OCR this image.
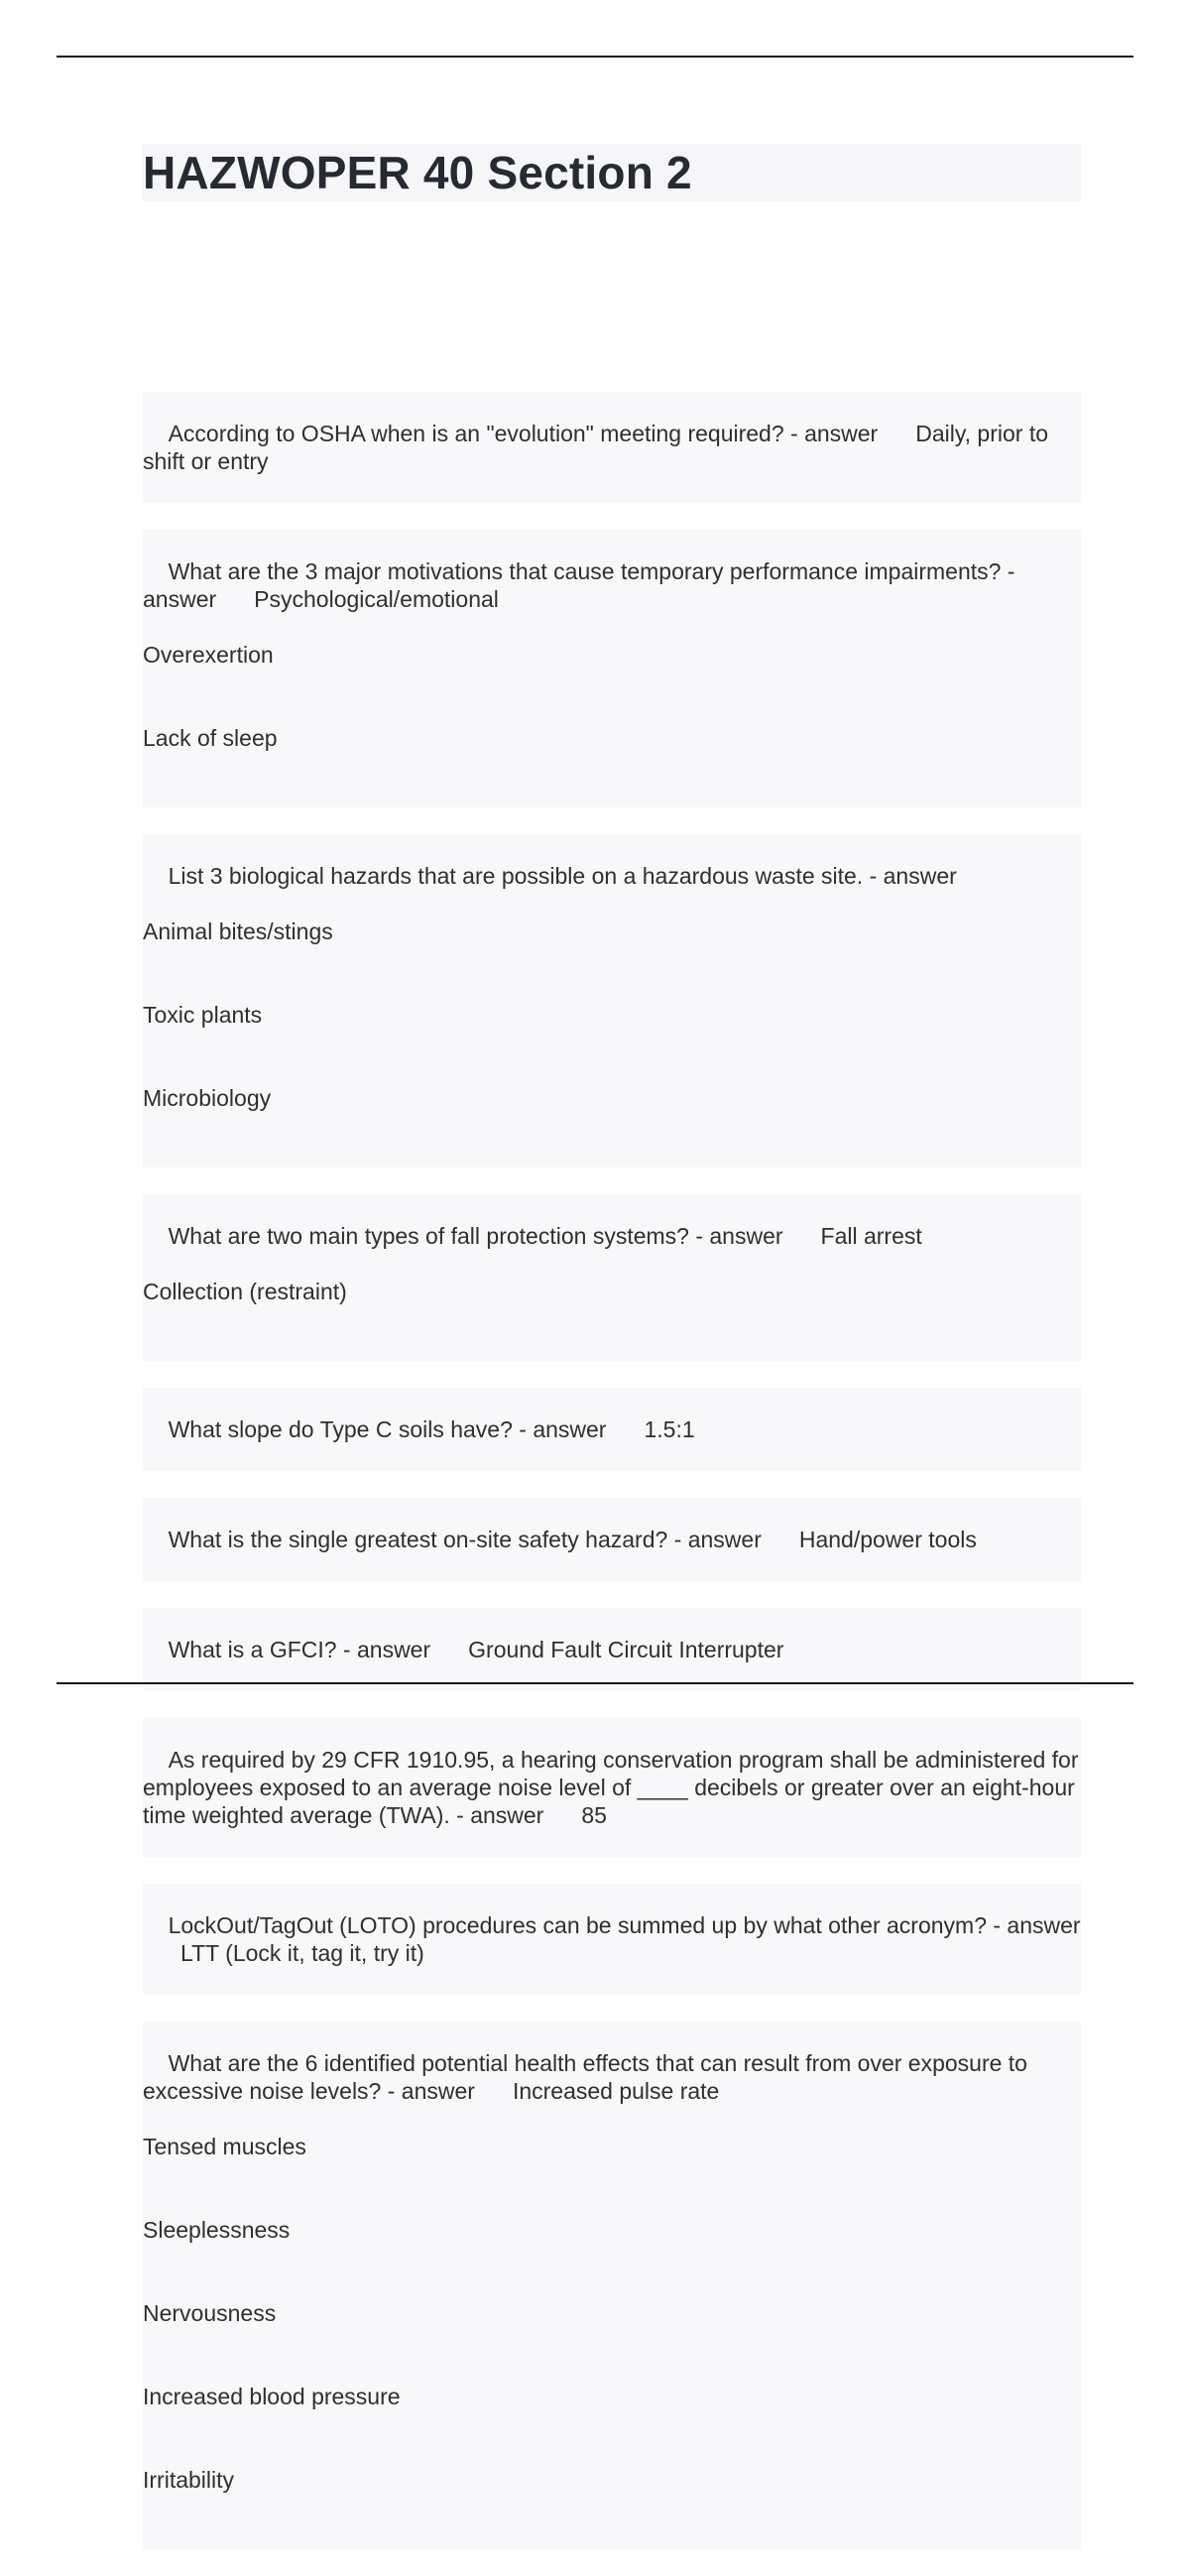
HAZWOPER 40 Section 2

According to OSHA when is an "evolution" meeting required? - answer Daily, prior to shift or entry

What are the 3 major motivations that cause temporary performance impairments? - answer Psychological/emotional

Overexertion

Lack of sleep

List 3 biological hazards that are possible on a hazardous waste site. - answer

Animal bites/stings

Toxic plants

Microbiology

What are two main types of fall protection systems? - answer Fall arrest

Collection (restraint)

What slope do Type C soils have? - answer 1.5:1

What is the single greatest on-site safety hazard? - answer Hand/power tools

What is a GFCI? - answer Ground Fault Circuit Interrupter

As required by 29 CFR 1910.95, a hearing conservation program shall be administered for employees exposed to an average noise level of ____ decibels or greater over an eight-hour time weighted average (TWA). - answer 85

LockOut/TagOut (LOTO) procedures can be summed up by what other acronym? - answerLTT (Lock it, tag it, try it)

What are the 6 identified potential health effects that can result from over exposure to excessive noise levels? - answer Increased pulse rate

Tensed muscles

Sleeplessness

Nervousness

Increased blood pressure

Irritability
